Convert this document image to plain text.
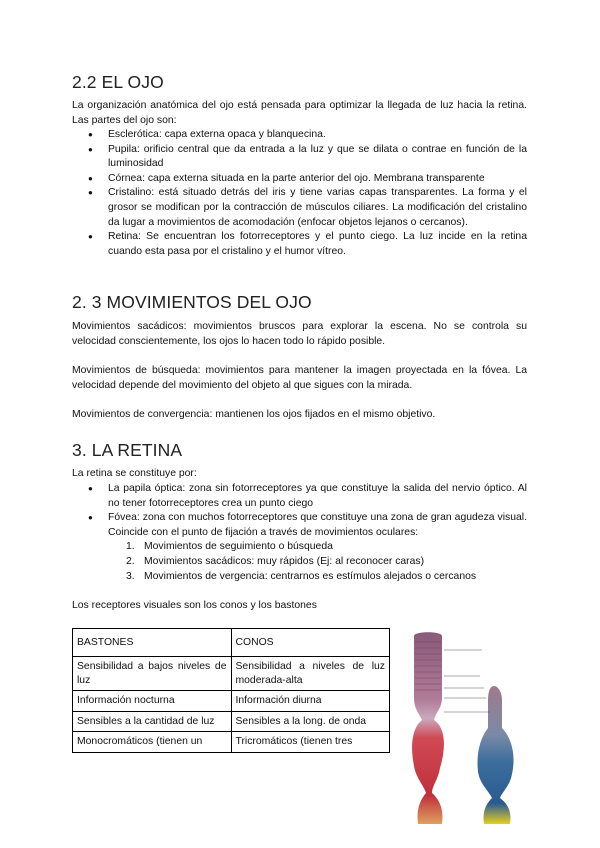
2.2 EL OJO

La organización anatómica del ojo está pensada para optimizar la llegada de luz hacia la retina. Las partes del ojo son:

● Esclerótica: capa externa opaca y blanquecina.
● Pupila: orificio central que da entrada a la luz y que se dilata o contrae en función de la luminosidad
● Córnea: capa externa situada en la parte anterior del ojo. Membrana transparente
● Cristalino: está situado detrás del iris y tiene varias capas transparentes. La forma y el grosor se modifican por la contracción de músculos ciliares. La modificación del cristalino da lugar a movimientos de acomodación (enfocar objetos lejanos o cercanos).
● Retina: Se encuentran los fotorreceptores y el punto ciego. La luz incide en la retina cuando esta pasa por el cristalino y el humor vítreo.
2. 3 MOVIMIENTOS DEL OJO

Movimientos sacádicos: movimientos bruscos para explorar la escena. No se controla su velocidad conscientemente, los ojos lo hacen todo lo rápido posible.

Movimientos de búsqueda: movimientos para mantener la imagen proyectada en la fóvea. La velocidad depende del movimiento del objeto al que sigues con la mirada.

Movimientos de convergencia: mantienen los ojos fijados en el mismo objetivo.

3. LA RETINA

La retina se constituye por:

● La papila óptica: zona sin fotorreceptores ya que constituye la salida del nervio óptico. Al no tener fotorreceptores crea un punto ciego
● Fóvea: zona con muchos fotorreceptores que constituye una zona de gran agudeza visual. Coincide con el punto de fijación a través de movimientos oculares:
1. Movimientos de seguimiento o búsqueda
2. Movimientos sacádicos: muy rápidos (Ej: al reconocer caras)
3. Movimientos de vergencia: centrarnos es estímulos alejados o cercanos

Los receptores visuales son los conos y los bastones

BASTONES	CONOS
Sensibilidad a bajos niveles de luz	Sensibilidad a niveles de luz moderada-alta
Información nocturna	Información diurna
Sensibles a la cantidad de luz	Sensibles a la long. de onda
Monocromáticos (tienen un	Tricromáticos (tienen tres
